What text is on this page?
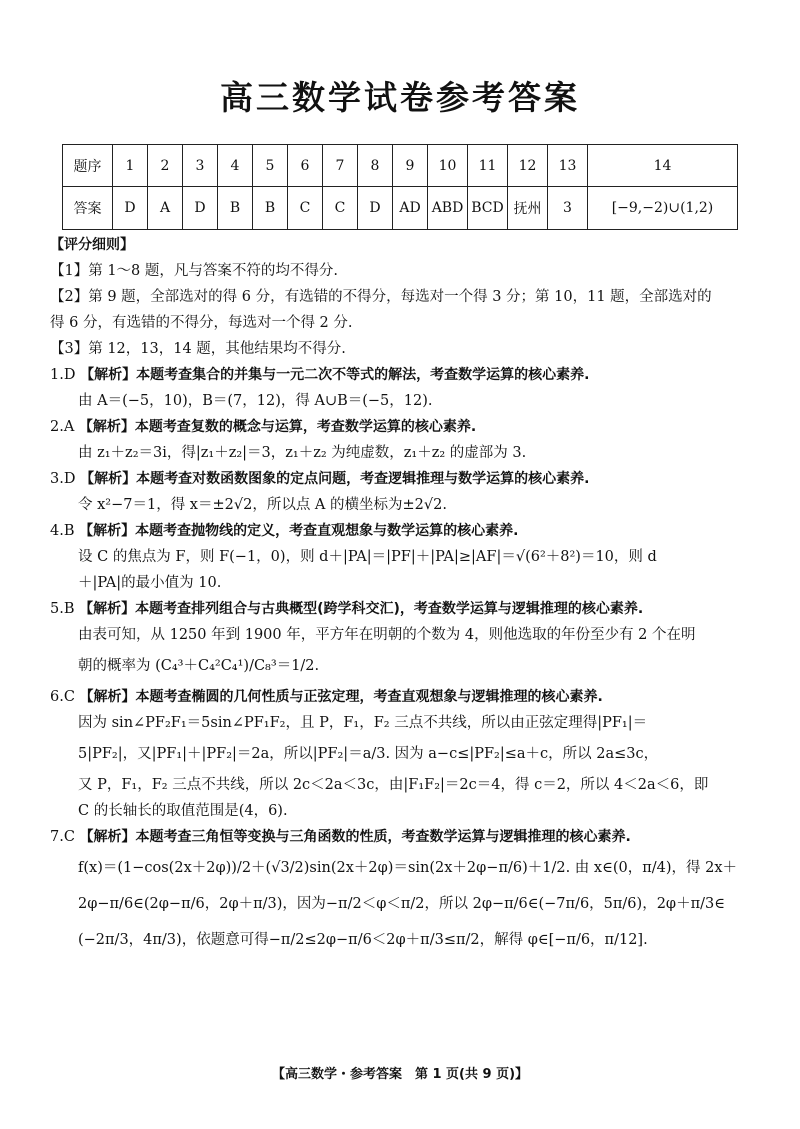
高三数学试卷参考答案
题序	1	2	3	4	5	6	7	8	9	10	11	12	13	14
答案	D	A	D	B	B	C	C	D	AD	ABD	BCD	抚州	3	[−9,−2)∪(1,2)
【评分细则】
【1】第 1～8 题，凡与答案不符的均不得分.
【2】第 9 题，全部选对的得 6 分，有选错的不得分，每选对一个得 3 分；第 10，11 题，全部选对的
得 6 分，有选错的不得分，每选对一个得 2 分.
【3】第 12，13，14 题，其他结果均不得分.
1.D 【解析】本题考查集合的并集与一元二次不等式的解法，考查数学运算的核心素养.
由 A＝(−5，10)，B＝(7，12)，得 A∪B＝(−5，12).
2.A 【解析】本题考查复数的概念与运算，考查数学运算的核心素养.
由 z₁＋z₂＝3i，得|z₁＋z₂|＝3，z₁＋z₂ 为纯虚数，z₁＋z₂ 的虚部为 3.
3.D 【解析】本题考查对数函数图象的定点问题，考查逻辑推理与数学运算的核心素养.
令 x²−7＝1，得 x＝±2√2，所以点 A 的横坐标为±2√2.
4.B 【解析】本题考查抛物线的定义，考查直观想象与数学运算的核心素养.
设 C 的焦点为 F，则 F(−1，0)，则 d＋|PA|＝|PF|＋|PA|≥|AF|＝√(6²＋8²)＝10，则 d
＋|PA|的最小值为 10.
5.B 【解析】本题考查排列组合与古典概型(跨学科交汇)，考查数学运算与逻辑推理的核心素养.
由表可知，从 1250 年到 1900 年，平方年在明朝的个数为 4，则他选取的年份至少有 2 个在明
朝的概率为 (C₄³＋C₄²C₄¹)/C₈³＝1/2.
6.C 【解析】本题考查椭圆的几何性质与正弦定理，考查直观想象与逻辑推理的核心素养.
因为 sin∠PF₂F₁＝5sin∠PF₁F₂，且 P，F₁，F₂ 三点不共线，所以由正弦定理得|PF₁|＝
5|PF₂|，又|PF₁|＋|PF₂|＝2a，所以|PF₂|＝a/3. 因为 a−c≤|PF₂|≤a＋c，所以 2a≤3c，
又 P，F₁，F₂ 三点不共线，所以 2c＜2a＜3c，由|F₁F₂|＝2c＝4，得 c＝2，所以 4＜2a＜6，即
C 的长轴长的取值范围是(4，6).
7.C 【解析】本题考查三角恒等变换与三角函数的性质，考查数学运算与逻辑推理的核心素养.
f(x)＝(1−cos(2x＋2φ))/2＋(√3/2)sin(2x＋2φ)＝sin(2x＋2φ−π/6)＋1/2. 由 x∈(0，π/4)，得 2x＋
2φ−π/6∈(2φ−π/6，2φ＋π/3)，因为−π/2＜φ＜π/2，所以 2φ−π/6∈(−7π/6，5π/6)，2φ＋π/3∈
(−2π/3，4π/3)，依题意可得−π/2≤2φ−π/6＜2φ＋π/3≤π/2，解得 φ∈[−π/6，π/12].
【高三数学・参考答案　第 1 页(共 9 页)】
